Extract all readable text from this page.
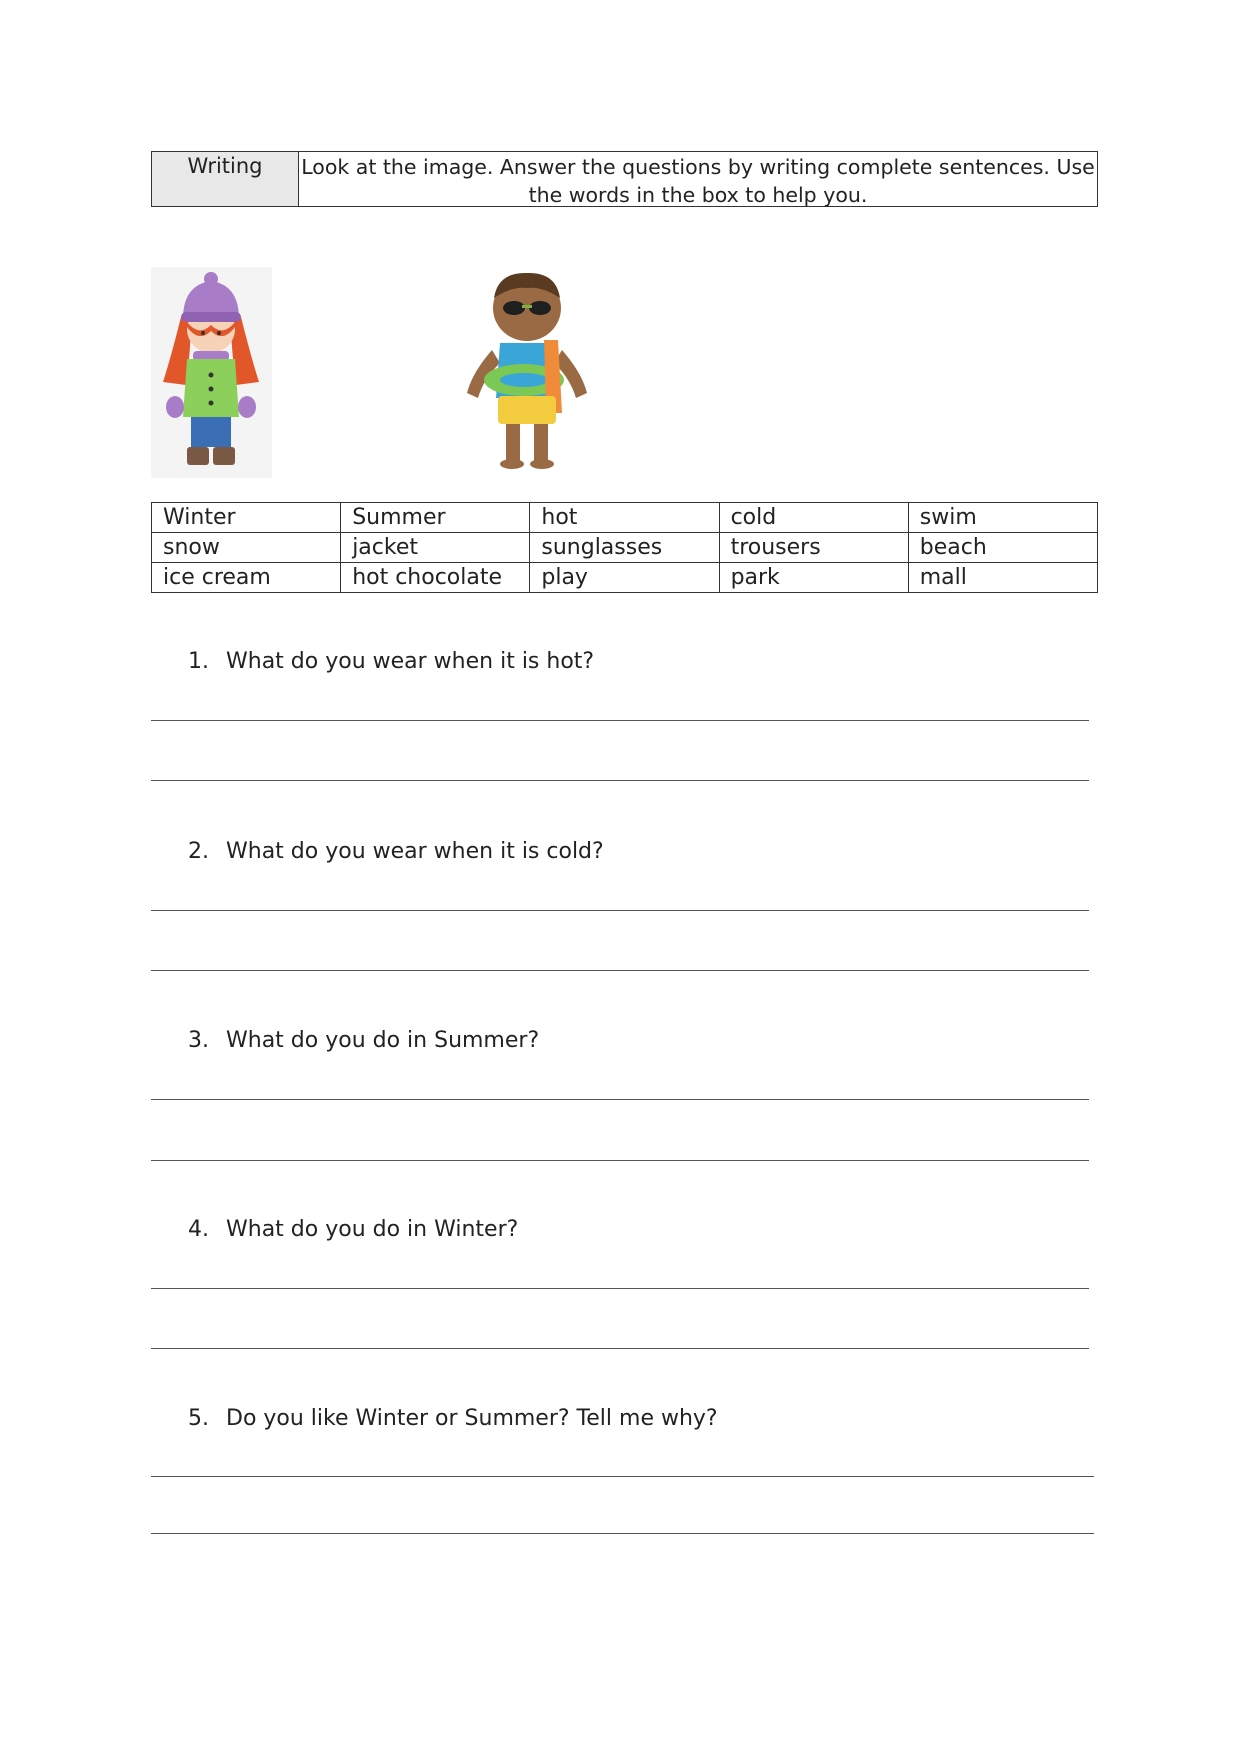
Writing	Look at the image. Answer the questions by writing complete sentences. Use the words in the box to help you.
Winter	Summer	hot	cold	swim
snow	jacket	sunglasses	trousers	beach
ice cream	hot chocolate	play	park	mall
1. What do you wear when it is hot?
2. What do you wear when it is cold?
3. What do you do in Summer?
4. What do you do in Winter?
5. Do you like Winter or Summer? Tell me why?
